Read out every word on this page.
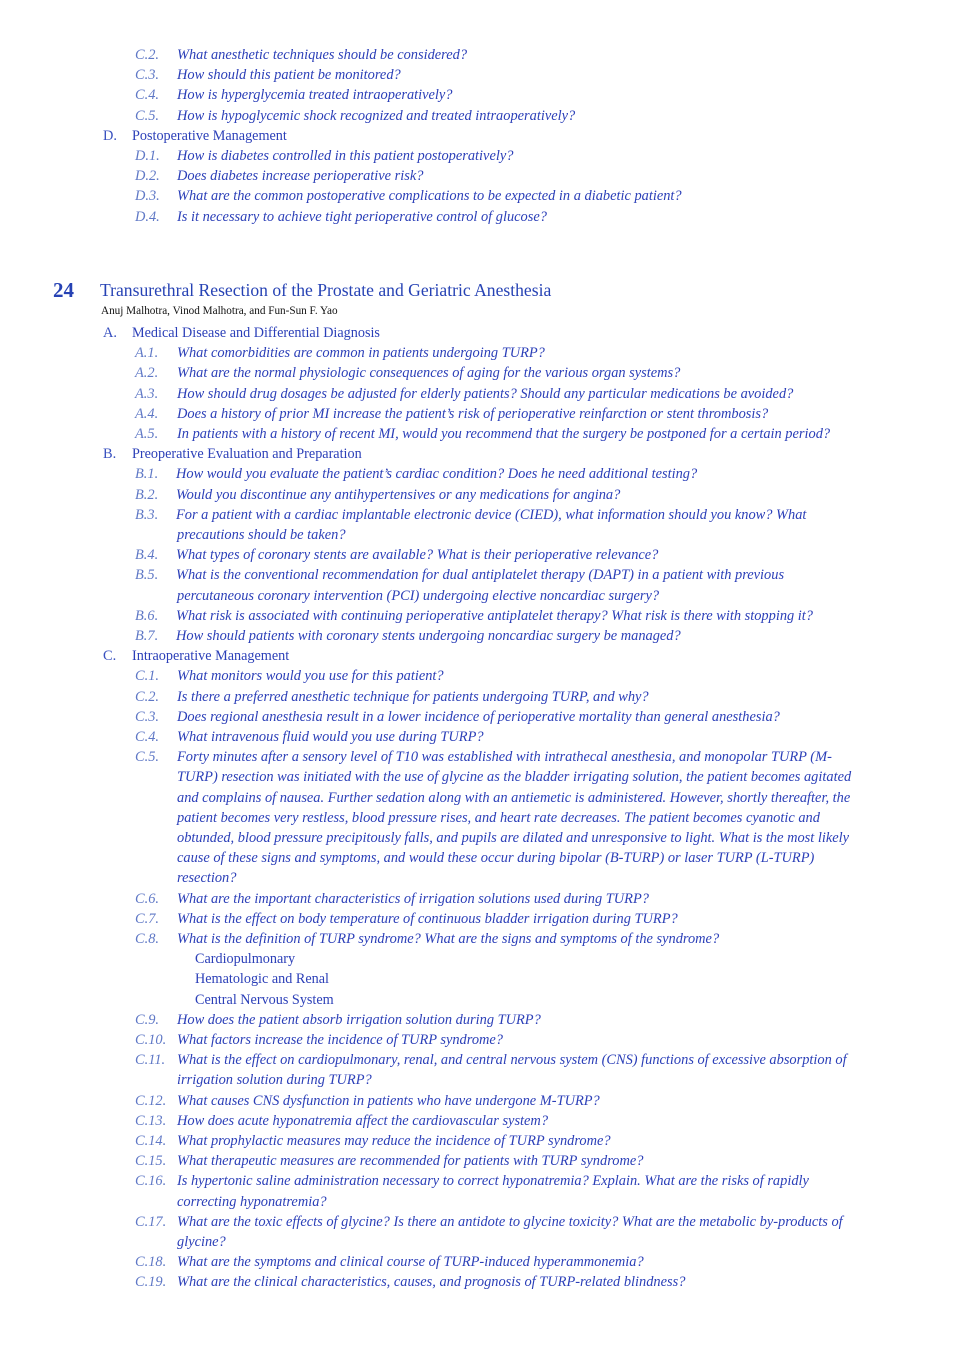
24 Transurethral Resection of the Prostate and Geriatric Anesthesia
Anuj Malhotra, Vinod Malhotra, and Fun-Sun F. Yao
C.2. What anesthetic techniques should be considered?
C.3. How should this patient be monitored?
C.4. How is hyperglycemia treated intraoperatively?
C.5. How is hypoglycemic shock recognized and treated intraoperatively?
D. Postoperative Management
D.1. How is diabetes controlled in this patient postoperatively?
D.2. Does diabetes increase perioperative risk?
D.3. What are the common postoperative complications to be expected in a diabetic patient?
D.4. Is it necessary to achieve tight perioperative control of glucose?
A. Medical Disease and Differential Diagnosis
A.1. What comorbidities are common in patients undergoing TURP?
A.2. What are the normal physiologic consequences of aging for the various organ systems?
A.3. How should drug dosages be adjusted for elderly patients? Should any particular medications be avoided?
A.4. Does a history of prior MI increase the patient’s risk of perioperative reinfarction or stent thrombosis?
A.5. In patients with a history of recent MI, would you recommend that the surgery be postponed for a certain period?
B. Preoperative Evaluation and Preparation
B.1. How would you evaluate the patient’s cardiac condition? Does he need additional testing?
B.2. Would you discontinue any antihypertensives or any medications for angina?
B.3. For a patient with a cardiac implantable electronic device (CIED), what information should you know? What
precautions should be taken?
B.4. What types of coronary stents are available? What is their perioperative relevance?
B.5. What is the conventional recommendation for dual antiplatelet therapy (DAPT) in a patient with previous
percutaneous coronary intervention (PCI) undergoing elective noncardiac surgery?
B.6. What risk is associated with continuing perioperative antiplatelet therapy? What risk is there with stopping it?
B.7. How should patients with coronary stents undergoing noncardiac surgery be managed?
C. Intraoperative Management
C.1. What monitors would you use for this patient?
C.2. Is there a preferred anesthetic technique for patients undergoing TURP, and why?
C.3. Does regional anesthesia result in a lower incidence of perioperative mortality than general anesthesia?
C.4. What intravenous fluid would you use during TURP?
C.5. Forty minutes after a sensory level of T10 was established with intrathecal anesthesia, and monopolar TURP (M-
TURP) resection was initiated with the use of glycine as the bladder irrigating solution, the patient becomes agitated
and complains of nausea. Further sedation along with an antiemetic is administered. However, shortly thereafter, the
patient becomes very restless, blood pressure rises, and heart rate decreases. The patient becomes cyanotic and
obtunded, blood pressure precipitously falls, and pupils are dilated and unresponsive to light. What is the most likely
cause of these signs and symptoms, and would these occur during bipolar (B-TURP) or laser TURP (L-TURP)
resection?
C.6. What are the important characteristics of irrigation solutions used during TURP?
C.7. What is the effect on body temperature of continuous bladder irrigation during TURP?
C.8. What is the definition of TURP syndrome? What are the signs and symptoms of the syndrome?
Cardiopulmonary
Hematologic and Renal
Central Nervous System
C.9. How does the patient absorb irrigation solution during TURP?
C.10. What factors increase the incidence of TURP syndrome?
C.11. What is the effect on cardiopulmonary, renal, and central nervous system (CNS) functions of excessive absorption of
irrigation solution during TURP?
C.12. What causes CNS dysfunction in patients who have undergone M-TURP?
C.13. How does acute hyponatremia affect the cardiovascular system?
C.14. What prophylactic measures may reduce the incidence of TURP syndrome?
C.15. What therapeutic measures are recommended for patients with TURP syndrome?
C.16. Is hypertonic saline administration necessary to correct hyponatremia? Explain. What are the risks of rapidly
correcting hyponatremia?
C.17. What are the toxic effects of glycine? Is there an antidote to glycine toxicity? What are the metabolic by-products of
glycine?
C.18. What are the symptoms and clinical course of TURP-induced hyperammonemia?
C.19. What are the clinical characteristics, causes, and prognosis of TURP-related blindness?
